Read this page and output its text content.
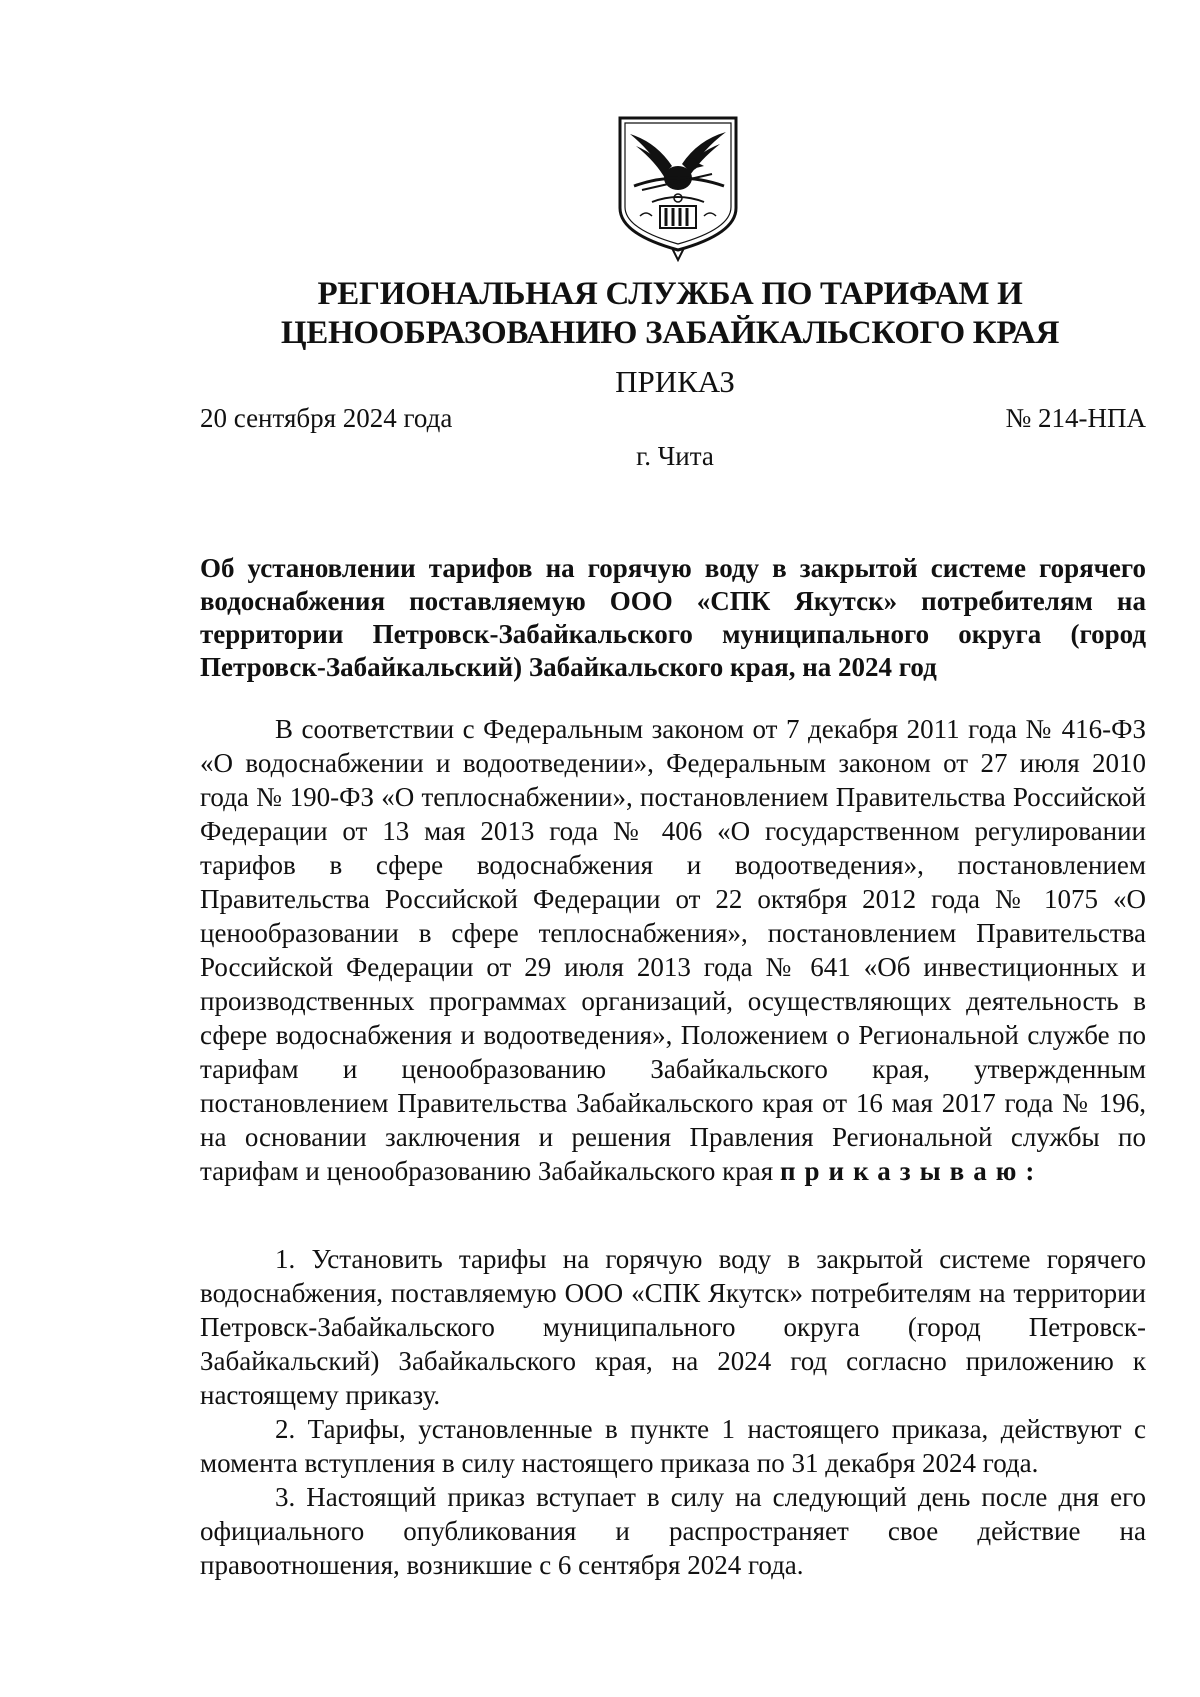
РЕГИОНАЛЬНАЯ СЛУЖБА ПО ТАРИФАМ И
ЦЕНООБРАЗОВАНИЮ ЗАБАЙКАЛЬСКОГО КРАЯ
ПРИКАЗ
20 сентября 2024 года	№ 214-НПА
г. Чита
Об установлении тарифов на горячую воду в закрытой системе горячего водоснабжения поставляемую ООО «СПК Якутск» потребителям на территории Петровск-Забайкальского муниципального округа (город Петровск-Забайкальский) Забайкальского края, на 2024 год

В соответствии с Федеральным законом от 7 декабря 2011 года № 416-ФЗ «О водоснабжении и водоотведении», Федеральным законом от 27 июля 2010 года № 190-ФЗ «О теплоснабжении», постановлением Правительства Российской Федерации от 13 мая 2013 года № 406 «О государственном регулировании тарифов в сфере водоснабжения и водоотведения», постановлением Правительства Российской Федерации от 22 октября 2012 года № 1075 «О ценообразовании в сфере теплоснабжения», постановлением Правительства Российской Федерации от 29 июля 2013 года № 641 «Об инвестиционных и производственных программах организаций, осуществляющих деятельность в сфере водоснабжения и водоотведения», Положением о Региональной службе по тарифам и ценообразованию Забайкальского края, утвержденным постановлением Правительства Забайкальского края от 16 мая 2017 года № 196, на основании заключения и решения Правления Региональной службы по тарифам и ценообразованию Забайкальского края приказываю:

1. Установить тарифы на горячую воду в закрытой системе горячего водоснабжения, поставляемую ООО «СПК Якутск» потребителям на территории Петровск-Забайкальского муниципального округа (город Петровск-Забайкальский) Забайкальского края, на 2024 год согласно приложению к настоящему приказу.

2. Тарифы, установленные в пункте 1 настоящего приказа, действуют с момента вступления в силу настоящего приказа по 31 декабря 2024 года.

3. Настоящий приказ вступает в силу на следующий день после дня его официального опубликования и распространяет свое действие на правоотношения, возникшие с 6 сентября 2024 года.
